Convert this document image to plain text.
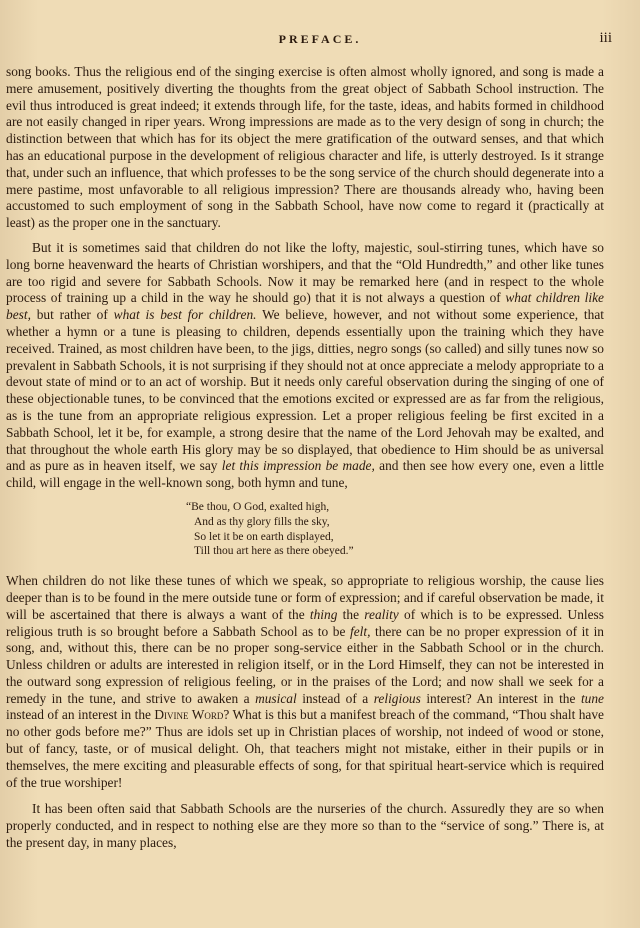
PREFACE.	iii

song books. Thus the religious end of the singing exercise is often almost wholly ignored, and song is made a mere amusement, positively diverting the thoughts from the great object of Sabbath School instruction. The evil thus introduced is great indeed; it extends through life, for the taste, ideas, and habits formed in childhood are not easily changed in riper years. Wrong impressions are made as to the very design of song in church; the distinction between that which has for its object the mere gratification of the outward senses, and that which has an educational purpose in the development of religious character and life, is utterly destroyed. Is it strange that, under such an influence, that which professes to be the song service of the church should degenerate into a mere pastime, most unfavorable to all religious impression? There are thousands already who, having been accustomed to such employment of song in the Sabbath School, have now come to regard it (practically at least) as the proper one in the sanctuary.

But it is sometimes said that children do not like the lofty, majestic, soul-stirring tunes, which have so long borne heavenward the hearts of Christian worshipers, and that the “Old Hundredth,” and other like tunes are too rigid and severe for Sabbath Schools. Now it may be remarked here (and in respect to the whole process of training up a child in the way he should go) that it is not always a question of what children like best, but rather of what is best for children. We believe, however, and not without some experience, that whether a hymn or a tune is pleasing to children, depends essentially upon the training which they have received. Trained, as most children have been, to the jigs, ditties, negro songs (so called) and silly tunes now so prevalent in Sabbath Schools, it is not surprising if they should not at once appreciate a melody appropriate to a devout state of mind or to an act of worship. But it needs only careful observation during the singing of one of these objectionable tunes, to be convinced that the emotions excited or expressed are as far from the religious, as is the tune from an appropriate religious expression. Let a proper religious feeling be first excited in a Sabbath School, let it be, for example, a strong desire that the name of the Lord Jehovah may be exalted, and that throughout the whole earth His glory may be so displayed, that obedience to Him should be as universal and as pure as in heaven itself, we say let this impression be made, and then see how every one, even a little child, will engage in the well-known song, both hymn and tune,

“Be thou, O God, exalted high,
And as thy glory fills the sky,
So let it be on earth displayed,
Till thou art here as there obeyed.”

When children do not like these tunes of which we speak, so appropriate to religious worship, the cause lies deeper than is to be found in the mere outside tune or form of expression; and if careful observation be made, it will be ascertained that there is always a want of the thing the reality of which is to be expressed. Unless religious truth is so brought before a Sabbath School as to be felt, there can be no proper expression of it in song, and, without this, there can be no proper song-service either in the Sabbath School or in the church. Unless children or adults are interested in religion itself, or in the Lord Himself, they can not be interested in the outward song expression of religious feeling, or in the praises of the Lord; and now shall we seek for a remedy in the tune, and strive to awaken a musical instead of a religious interest? An interest in the tune instead of an interest in the Divine Word? What is this but a manifest breach of the command, “Thou shalt have no other gods before me?” Thus are idols set up in Christian places of worship, not indeed of wood or stone, but of fancy, taste, or of musical delight. Oh, that teachers might not mistake, either in their pupils or in themselves, the mere exciting and pleasurable effects of song, for that spiritual heart-service which is required of the true worshiper!

It has been often said that Sabbath Schools are the nurseries of the church. Assuredly they are so when properly conducted, and in respect to nothing else are they more so than to the “service of song.” There is, at the present day, in many places,
